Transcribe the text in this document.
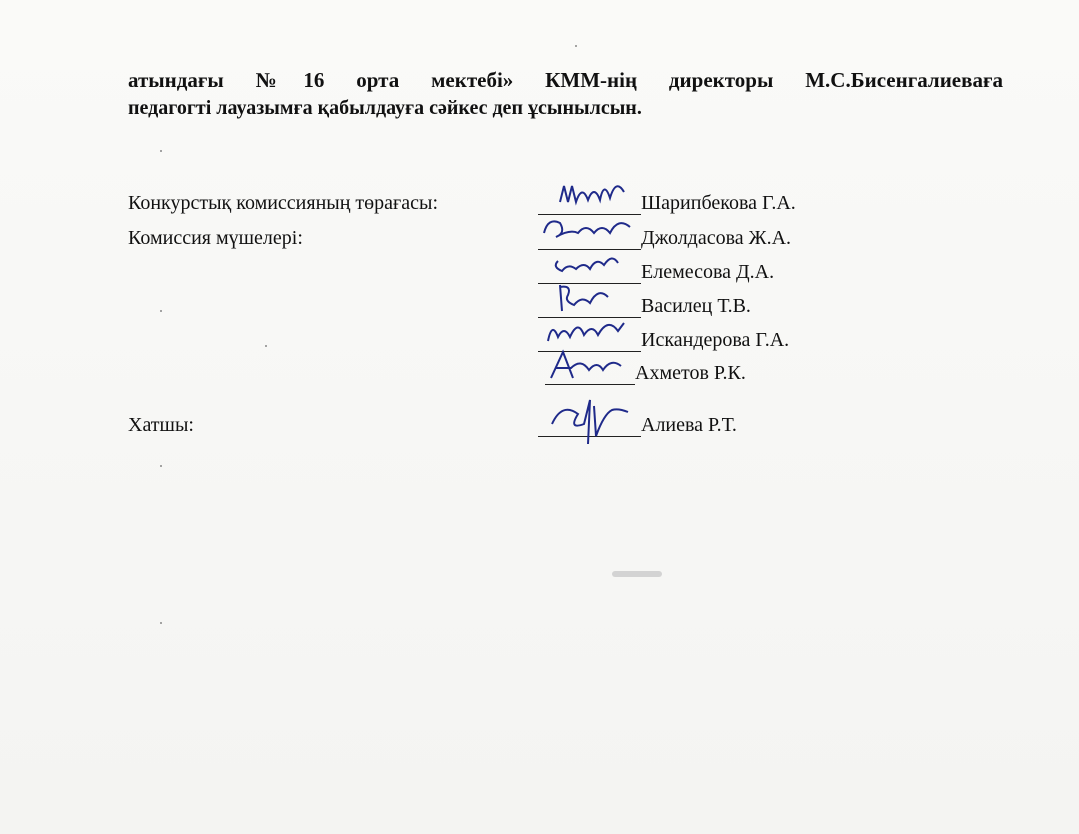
атындағы №16 орта мектебі» КММ-нің директоры М.С.Бисенгалиеваға
педагогті лауазымға қабылдауға сәйкес деп ұсынылсын.
Конкурстық комиссияның төрағасы:	Шарипбекова Г.А.
Комиссия мүшелері:	Джолдасова Ж.А.
Елемесова Д.А.
Василец Т.В.
Искандерова Г.А.
Ахметов Р.К.
Хатшы:	Алиева Р.Т.
